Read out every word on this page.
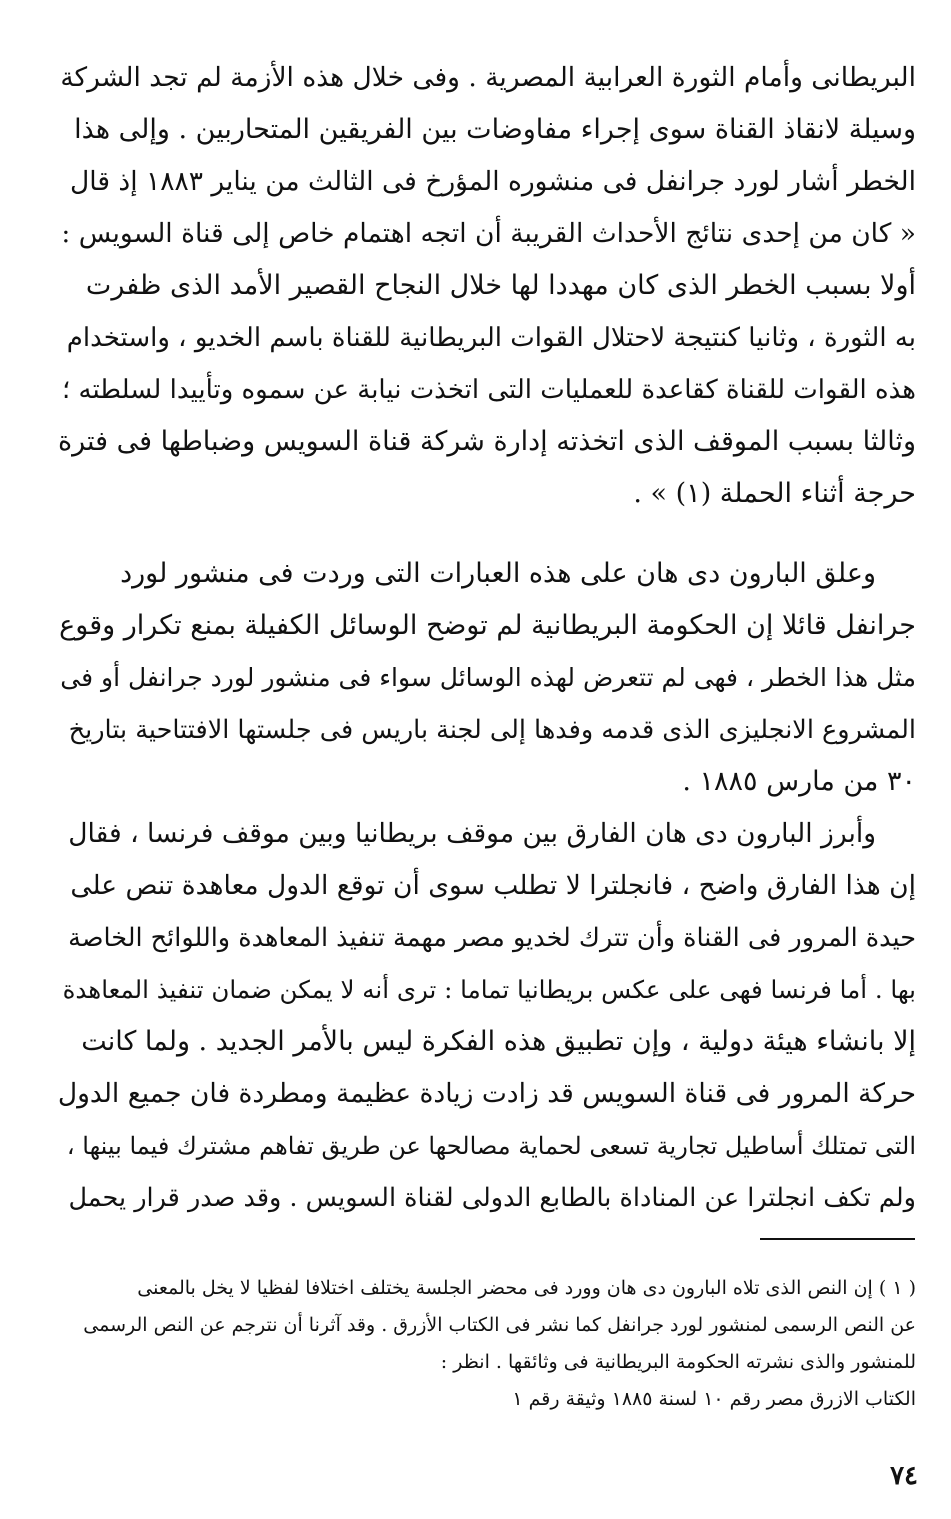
البريطانى وأمام الثورة العرابية المصرية . وفى خلال هذه الأزمة لم تجد الشركة
وسيلة لانقاذ القناة سوى إجراء مفاوضات بين الفريقين المتحاربين . وإلى هذا
الخطر أشار لورد جرانفل فى منشوره المؤرخ فى الثالث من يناير ١٨٨٣ إذ قال
« كان من إحدى نتائج الأحداث القريبة أن اتجه اهتمام خاص إلى قناة السويس :
أولا بسبب الخطر الذى كان مهددا لها خلال النجاح القصير الأمد الذى ظفرت
به الثورة ، وثانيا كنتيجة لاحتلال القوات البريطانية للقناة باسم الخديو ، واستخدام
هذه القوات للقناة كقاعدة للعمليات التى اتخذت نيابة عن سموه وتأييدا لسلطته ؛
وثالثا بسبب الموقف الذى اتخذته إدارة شركة قناة السويس وضباطها فى فترة
حرجة أثناء الحملة (١) » .
وعلق البارون دى هان على هذه العبارات التى وردت فى منشور لورد
جرانفل قائلا إن الحكومة البريطانية لم توضح الوسائل الكفيلة بمنع تكرار وقوع
مثل هذا الخطر ، فهى لم تتعرض لهذه الوسائل سواء فى منشور لورد جرانفل أو فى
المشروع الانجليزى الذى قدمه وفدها إلى لجنة باريس فى جلستها الافتتاحية بتاريخ
٣٠ من مارس ١٨٨٥ .
وأبرز البارون دى هان الفارق بين موقف بريطانيا وبين موقف فرنسا ، فقال
إن هذا الفارق واضح ، فانجلترا لا تطلب سوى أن توقع الدول معاهدة تنص على
حيدة المرور فى القناة وأن تترك لخديو مصر مهمة تنفيذ المعاهدة واللوائح الخاصة
بها . أما فرنسا فهى على عكس بريطانيا تماما : ترى أنه لا يمكن ضمان تنفيذ المعاهدة
إلا بانشاء هيئة دولية ، وإن تطبيق هذه الفكرة ليس بالأمر الجديد . ولما كانت
حركة المرور فى قناة السويس قد زادت زيادة عظيمة ومطردة فان جميع الدول
التى تمتلك أساطيل تجارية تسعى لحماية مصالحها عن طريق تفاهم مشترك فيما بينها ،
ولم تكف انجلترا عن المناداة بالطابع الدولى لقناة السويس . وقد صدر قرار يحمل
( ١ ) إن النص الذى تلاه البارون دى هان وورد فى محضر الجلسة يختلف اختلافا لفظيا لا يخل بالمعنى
عن النص الرسمى لمنشور لورد جرانفل كما نشر فى الكتاب الأزرق . وقد آثرنا أن نترجم عن النص الرسمى
للمنشور والذى نشرته الحكومة البريطانية فى وثائقها . انظر :
الكتاب الازرق مصر رقم ١٠ لسنة ١٨٨٥ وثيقة رقم ١
٧٤
